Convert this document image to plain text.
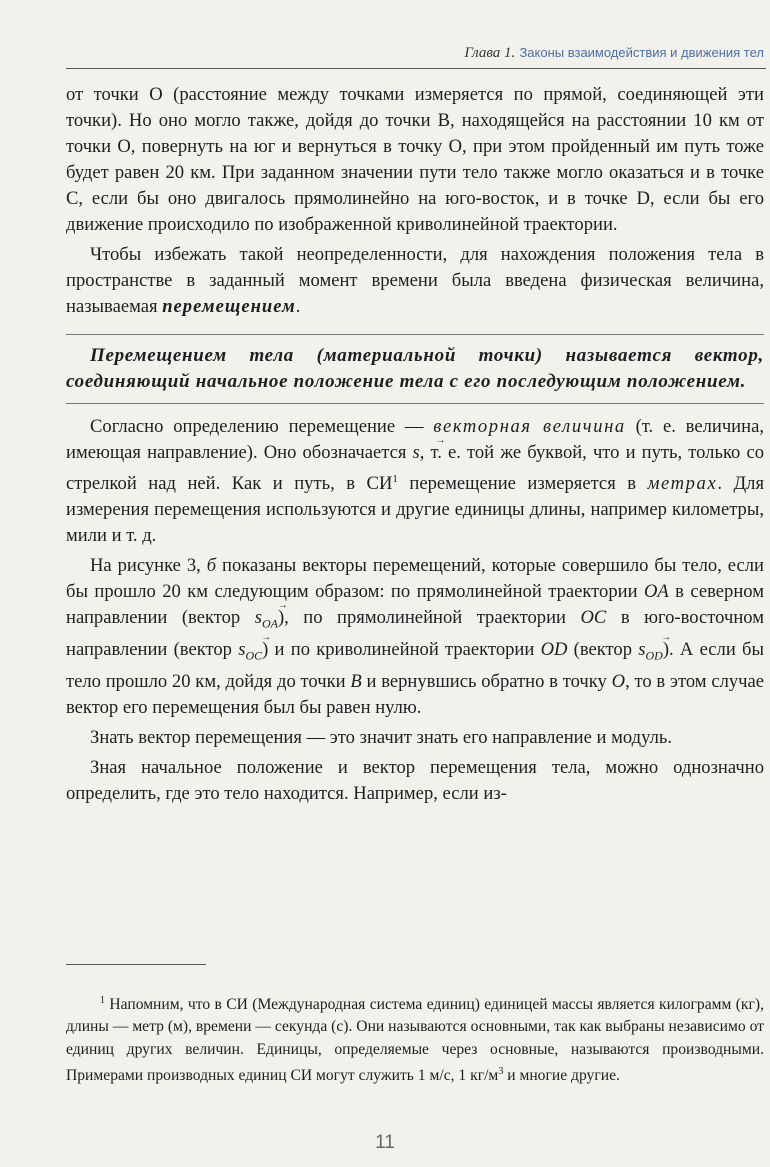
Глава 1. Законы взаимодействия и движения тел

от точки O (расстояние между точками измеряется по прямой, соединяющей эти точки). Но оно могло также, дойдя до точки B, находящейся на расстоянии 10 км от точки O, повернуть на юг и вернуться в точку O, при этом пройденный им путь тоже будет равен 20 км. При заданном значении пути тело также могло оказаться и в точке C, если бы оно двигалось прямолинейно на юго-восток, и в точке D, если бы его движение происходило по изображенной криволинейной траектории.

Чтобы избежать такой неопределенности, для нахождения положения тела в пространстве в заданный момент времени была введена физическая величина, называемая перемещением.

Перемещением тела (материальной точки) называется вектор, соединяющий начальное положение тела с его последующим положением.

Согласно определению перемещение — векторная величина (т. е. величина, имеющая направление). Оно обозначается → s, т. е. той же буквой, что и путь, только со стрелкой над ней. Как и путь, в $СИ^1$ перемещение измеряется в метрах. Для измерения перемещения используются и другие единицы длины, например километры, мили и т. д.

На рисунке 3, б показаны векторы перемещений, которые совершило бы тело, если бы прошло 20 км следующим образом: по прямолинейной траектории OA в северном направлении (вектор → $s_{OA}$), по прямолинейной траектории OC в юго-восточном направлении (вектор → $s_{OC}$) и по криволинейной траектории OD (вектор → $s_{OD}$). А если бы тело прошло 20 км, дойдя до точки B и вернувшись обратно в точку O, то в этом случае вектор его перемещения был бы равен нулю.

Знать вектор перемещения — это значит знать его направление и модуль.

Зная начальное положение и вектор перемещения тела, можно однозначно определить, где это тело находится. Например, если из-

$^1$ Напомним, что в СИ (Международная система единиц) единицей массы является килограмм (кг), длины — метр (м), времени — секунда (с). Они называются основными, так как выбраны независимо от единиц других величин. Единицы, определяемые через основные, называются производными. Примерами производных единиц СИ могут служить 1 м/с, 1 $кг/м^3$ и многие другие.

11
